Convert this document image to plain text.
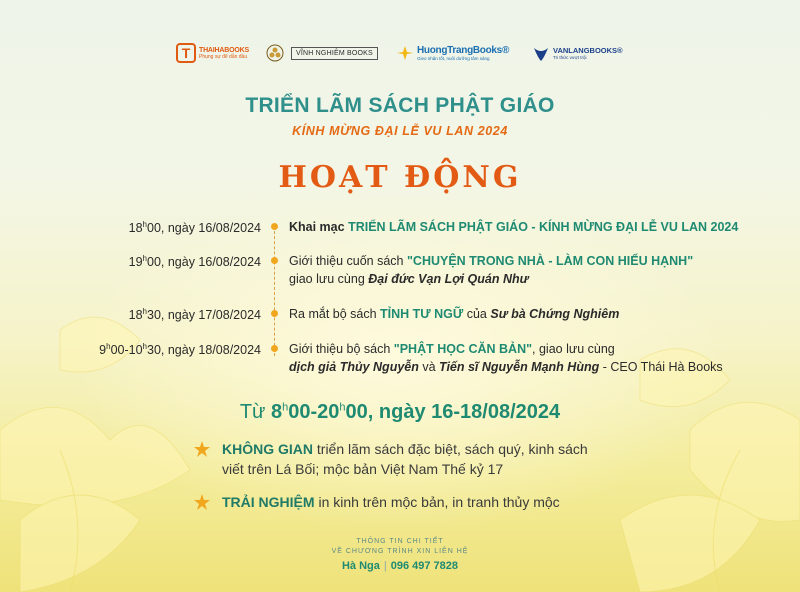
T	THAIHABOOKS
Phụng sự để dẫn đầu	VĨNH NGHIÊM BOOKS	HuongTrangBooks®
Gieo nhân tốt, nuôi dưỡng tâm sáng
VANLANGBOOKS®
Tri thức vượt trội
TRIỂN LÃM SÁCH PHẬT GIÁO
KÍNH MỪNG ĐẠI LỄ VU LAN 2024
HOẠT ĐỘNG
18$^h$00, ngày 16/08/2024 Khai mạc TRIỂN LÃM SÁCH PHẬT GIÁO - KÍNH MỪNG ĐẠI LỄ VU LAN 2024
19$^h$00, ngày 16/08/2024 Giới thiệu cuốn sách "CHUYỆN TRONG NHÀ - LÀM CON HIẾU HẠNH"
giao lưu cùng Đại đức Vạn Lợi Quán Như
18$^h$30, ngày 17/08/2024 Ra mắt bộ sách TỈNH TƯ NGỮ của Sư bà Chứng Nghiêm
9$^h$00-10$^h$30, ngày 18/08/2024 Giới thiệu bộ sách "PHẬT HỌC CĂN BẢN", giao lưu cùng
dịch giả Thủy Nguyễn và Tiến sĩ Nguyễn Mạnh Hùng - CEO Thái Hà Books
Từ 8$^h$00-20$^h$00, ngày 16-18/08/2024
KHÔNG GIAN triển lãm sách đặc biệt, sách quý, kinh sách
viết trên Lá Bối; mộc bản Việt Nam Thế kỷ 17
TRẢI NGHIỆM in kinh trên mộc bản, in tranh thủy mộc
THÔNG TIN CHI TIẾT
VỀ CHƯƠNG TRÌNH XIN LIÊN HỆ
Hà Nga | 096 497 7828
